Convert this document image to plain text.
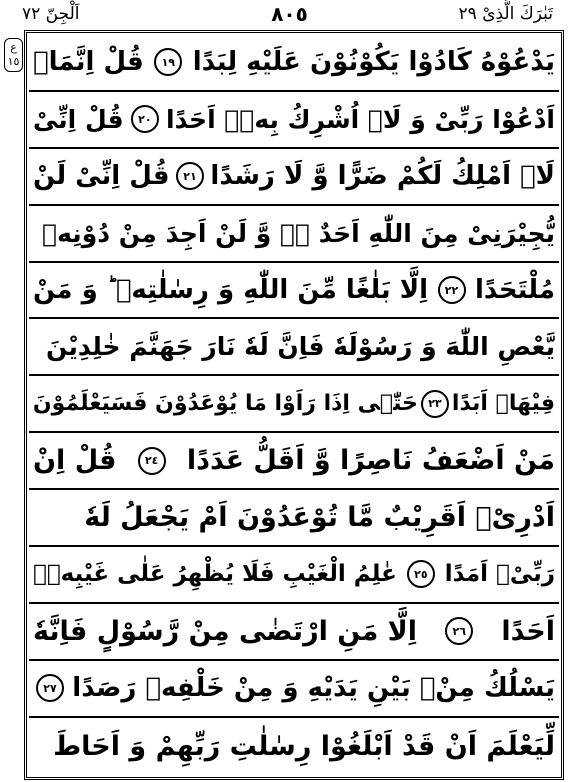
تَبٰرَكَ الَّذِیْ ٢٩
٨٠٥
اَلْجِنّ ٧٢
ع ١٥	یَدْعُوْهُ كَادُوْا یَكُوْنُوْنَ عَلَیْهِ لِبَدًا
١٩
قُلْ اِنَّمَاۤ
اَدْعُوْا رَبِّیْ وَ لَاۤ اُشْرِكُ بِهٖۤ اَحَدًا
٢٠
قُلْ اِنِّیْ
لَاۤ اَمْلِكُ لَكُمْ ضَرًّا وَّ لَا رَشَدًا
٢١
قُلْ اِنِّیْ لَنْ
یُّجِیْرَنِیْ مِنَ اللّٰهِ اَحَدٌ ۙ۬ وَّ لَنْ اَجِدَ مِنْ دُوْنِهٖ
مُلْتَحَدًا
٢٢
اِلَّا بَلٰغًا مِّنَ اللّٰهِ وَ رِسٰلٰتِهٖ ؕ وَ مَنْ
یَّعْصِ اللّٰهَ وَ رَسُوْلَهٗ فَاِنَّ لَهٗ نَارَ جَهَنَّمَ خٰلِدِیْنَ
فِیْهَاۤ اَبَدًا
٢٣
حَتّٰۤى اِذَا رَاَوْا مَا یُوْعَدُوْنَ فَسَیَعْلَمُوْنَ
مَنْ اَضْعَفُ نَاصِرًا وَّ اَقَلُّ عَدَدًا
٢٤
قُلْ اِنْ
اَدْرِیْۤ اَقَرِیْبٌ مَّا تُوْعَدُوْنَ اَمْ یَجْعَلُ لَهٗ
رَبِّیْۤ اَمَدًا
٢٥
عٰلِمُ الْغَیْبِ فَلَا یُظْهِرُ عَلٰى غَیْبِهٖۤ
اَحَدًا
٢٦
اِلَّا مَنِ ارْتَضٰى مِنْ رَّسُوْلٍ فَاِنَّهٗ
یَسْلُكُ مِنْۢ بَیْنِ یَدَیْهِ وَ مِنْ خَلْفِهٖ رَصَدًا
٢٧
لِّیَعْلَمَ اَنْ قَدْ اَبْلَغُوْا رِسٰلٰتِ رَبِّهِمْ وَ اَحَاطَ
